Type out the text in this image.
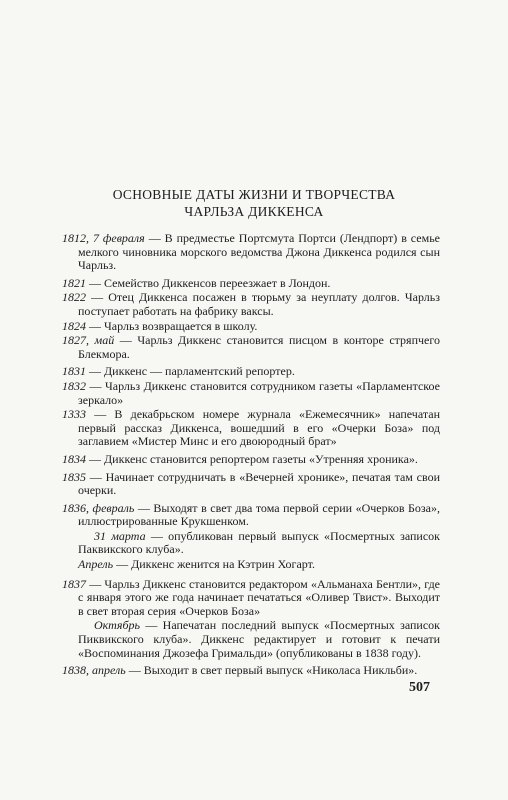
ОСНОВНЫЕ ДАТЫ ЖИЗНИ И ТВОРЧЕСТВА
ЧАРЛЬЗА ДИККЕНСА
1812, 7 февраля — В предместье Портсмута Портси (Лендпорт) в семье мелкого чиновника морского ведомства Джона Диккенса родился сын Чарльз.
1821 — Семейство Диккенсов переезжает в Лондон.
1822 — Отец Диккенса посажен в тюрьму за неуплату долгов. Чарльз поступает работать на фабрику ваксы.
1824 — Чарльз возвращается в школу.
1827, май — Чарльз Диккенс становится писцом в конторе стряпчего Блекмора.
1831 — Диккенс — парламентский репортер.
1832 — Чарльз Диккенс становится сотрудником газеты «Парламентское зеркало»
1333 — В декабрьском номере журнала «Ежемесячник» напечатан первый рассказ Диккенса, вошедший в его «Очерки Боза» под заглавием «Мистер Минс и его двоюродный брат»
1834 — Диккенс становится репортером газеты «Утренняя хроника».
1835 — Начинает сотрудничать в «Вечерней хронике», печатая там свои очерки.
1836, февраль — Выходят в свет два тома первой серии «Очерков Боза», иллюстрированные Крукшенком.
31 марта — опубликован первый выпуск «Посмертных записок Паквикского клуба».
Апрель — Диккенс женится на Кэтрин Хогарт.
1837 — Чарльз Диккенс становится редактором «Альманаха Бентли», где с января этого же года начинает печататься «Оливер Твист». Выходит в свет вторая серия «Очерков Боза»
Октябрь — Напечатан последний выпуск «Посмертных записок Пиквикского клуба». Диккенс редактирует и готовит к печати «Воспоминания Джозефа Гримальди» (опубликованы в 1838 году).
1838, апрель — Выходит в свет первый выпуск «Николаса Никльби».
507
